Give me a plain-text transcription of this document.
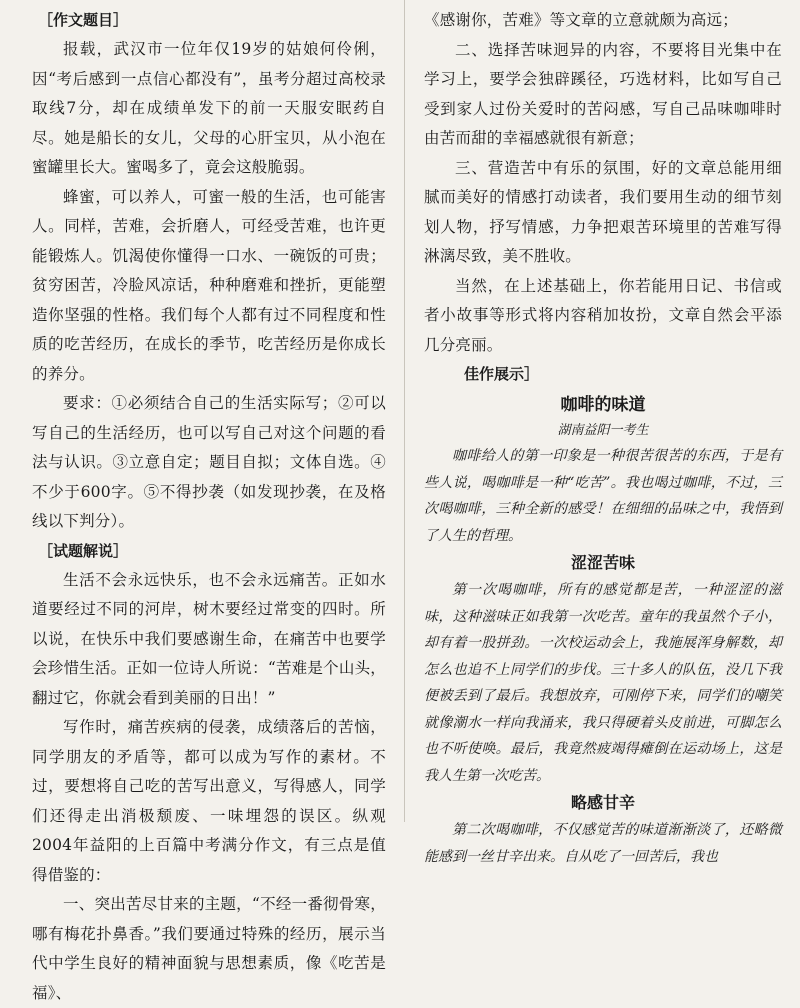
［作文题目］

报载，武汉市一位年仅19岁的姑娘何伶俐，因“考后感到一点信心都没有”，虽考分超过高校录取线7分，却在成绩单发下的前一天服安眠药自尽。她是船长的女儿，父母的心肝宝贝，从小泡在蜜罐里长大。蜜喝多了，竟会这般脆弱。

蜂蜜，可以养人，可蜜一般的生活，也可能害人。同样，苦难，会折磨人，可经受苦难，也许更能锻炼人。饥渴使你懂得一口水、一碗饭的可贵；贫穷困苦，冷脸风凉话，种种磨难和挫折，更能塑造你坚强的性格。我们每个人都有过不同程度和性质的吃苦经历，在成长的季节，吃苦经历是你成长的养分。

要求：①必须结合自己的生活实际写；②可以写自己的生活经历，也可以写自己对这个问题的看法与认识。③立意自定；题目自拟；文体自选。④不少于600字。⑤不得抄袭（如发现抄袭，在及格线以下判分）。

［试题解说］

生活不会永远快乐，也不会永远痛苦。正如水道要经过不同的河岸，树木要经过常变的四时。所以说，在快乐中我们要感谢生命，在痛苦中也要学会珍惜生活。正如一位诗人所说：“苦难是个山头，翻过它，你就会看到美丽的日出！”

写作时，痛苦疾病的侵袭，成绩落后的苦恼，同学朋友的矛盾等，都可以成为写作的素材。不过，要想将自己吃的苦写出意义，写得感人，同学们还得走出消极颓废、一味埋怨的误区。纵观2004年益阳的上百篇中考满分作文，有三点是值得借鉴的：

一、突出苦尽甘来的主题，“不经一番彻骨寒，哪有梅花扑鼻香。”我们要通过特殊的经历，展示当代中学生良好的精神面貌与思想素质，像《吃苦是福》、

《感谢你，苦难》等文章的立意就颇为高远；

二、选择苦味迥异的内容，不要将目光集中在学习上，要学会独辟蹊径，巧选材料，比如写自己受到家人过份关爱时的苦闷感，写自己品味咖啡时由苦而甜的幸福感就很有新意；

三、营造苦中有乐的氛围，好的文章总能用细腻而美好的情感打动读者，我们要用生动的细节刻划人物，抒写情感，力争把艰苦环境里的苦难写得淋漓尽致，美不胜收。

当然，在上述基础上，你若能用日记、书信或者小故事等形式将内容稍加妆扮，文章自然会平添几分亮丽。

佳作展示］

咖啡的味道

湖南益阳一考生

咖啡给人的第一印象是一种很苦很苦的东西，于是有些人说，喝咖啡是一种“吃苦”。我也喝过咖啡，不过，三次喝咖啡，三种全新的感受！在细细的品味之中，我悟到了人生的哲理。

涩涩苦味

第一次喝咖啡，所有的感觉都是苦，一种涩涩的滋味，这种滋味正如我第一次吃苦。童年的我虽然个子小，却有着一股拼劲。一次校运动会上，我施展浑身解数，却怎么也追不上同学们的步伐。三十多人的队伍，没几下我便被丢到了最后。我想放弃，可刚停下来，同学们的嘲笑就像潮水一样向我涌来，我只得硬着头皮前进，可脚怎么也不听使唤。最后，我竟然疲竭得瘫倒在运动场上，这是我人生第一次吃苦。

略感甘辛

第二次喝咖啡，不仅感觉苦的味道渐渐淡了，还略微能感到一丝甘辛出来。自从吃了一回苦后，我也
